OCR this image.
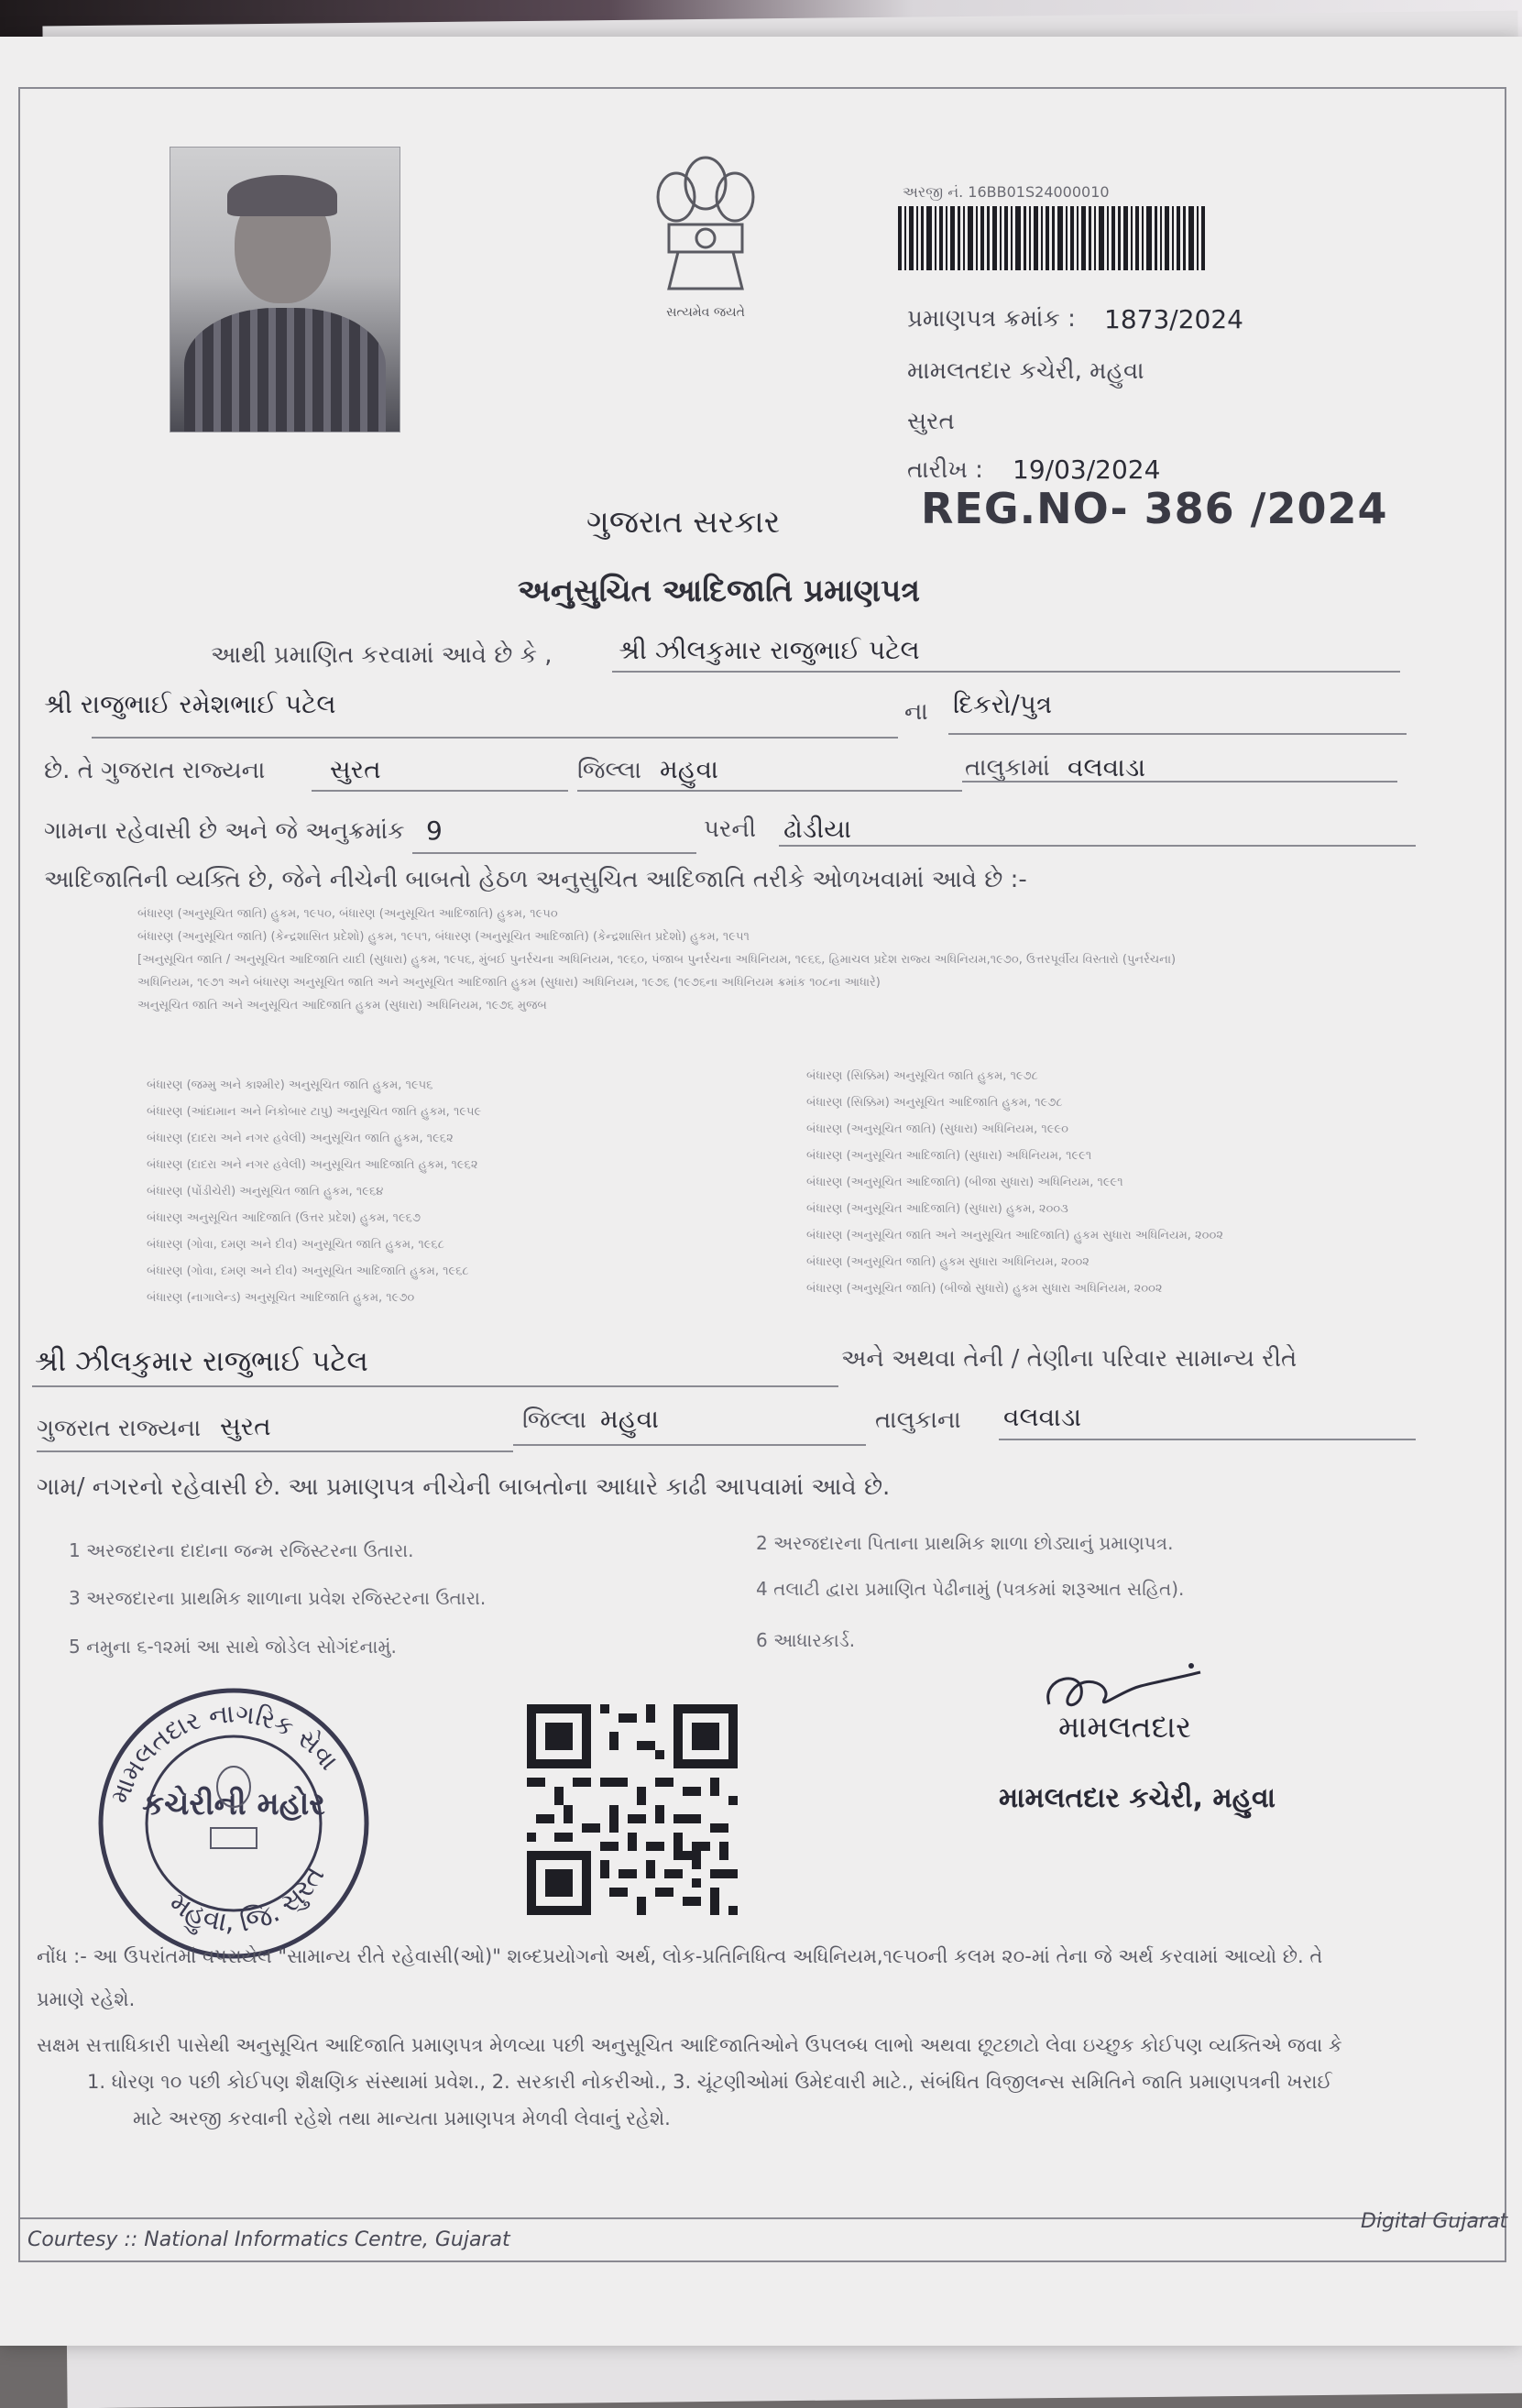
સત્યમેવ જયતે
અરજી નં. 16BB01S24000010
પ્રમાણપત્ર ક્રમાંક : 1873/2024
મામલતદાર કચેરી, મહુવા
સુરત
તારીખ : 19/03/2024
REG.NO- 386 /2024
ગુજરાત સરકાર
અનુસુચિત આદિજાતિ પ્રમાણપત્ર
આથી પ્રમાણિત કરવામાં આવે છે કે ,	શ્રી ઝીલકુમાર રાજુભાઈ પટેલ
શ્રી રાજુભાઈ રમેશભાઈ પટેલ	ના દિકરો/પુત્ર
છે. તે ગુજરાત રાજ્યના	સુરત	જિલ્લા મહુવા	તાલુકામાં વલવાડા
ગામના રહેવાસી છે અને જે અનુક્રમાંક 9	પરની ઢોડીયા
આદિજાતિની વ્યક્તિ છે, જેને નીચેની બાબતો હેઠળ અનુસુચિત આદિજાતિ તરીકે ઓળખવામાં આવે છે :-
બંધારણ (અનુસૂચિત જાતિ) હુકમ, ૧૯૫૦, બંધારણ (અનુસૂચિત આદિજાતિ) હુકમ, ૧૯૫૦
બંધારણ (અનુસૂચિત જાતિ) (કેન્દ્રશાસિત પ્રદેશો) હુકમ, ૧૯૫૧, બંધારણ (અનુસૂચિત આદિજાતિ) (કેન્દ્રશાસિત પ્રદેશો) હુકમ, ૧૯૫૧
[અનુસૂચિત જાતિ / અનુસૂચિત આદિજાતિ યાદી (સુધારા) હુકમ, ૧૯૫૬, મુંબઈ પુનર્રચના અધિનિયમ, ૧૯૬૦, પંજાબ પુનર્રચના અધિનિયમ, ૧૯૬૬, હિમાચલ પ્રદેશ રાજ્ય અધિનિયમ,૧૯૭૦, ઉત્તરપૂર્વીય વિસ્તારો (પુનર્રચના)
અધિનિયમ, ૧૯૭૧ અને બંધારણ અનુસૂચિત જાતિ અને અનુસૂચિત આદિજાતિ હુકમ (સુધારા) અધિનિયમ, ૧૯૭૬ (૧૯૭૬ના અધિનિયમ ક્રમાંક ૧૦૮ના આધારે)
અનુસૂચિત જાતિ અને અનુસૂચિત આદિજાતિ હુકમ (સુધારા) અધિનિયમ, ૧૯૭૬ મુજબ
બંધારણ (જમ્મુ અને કાશ્મીર) અનુસૂચિત જાતિ હુકમ, ૧૯૫૬
બંધારણ (આંદામાન અને નિકોબાર ટાપુ) અનુસૂચિત જાતિ હુકમ, ૧૯૫૯
બંધારણ (દાદરા અને નગર હવેલી) અનુસૂચિત જાતિ હુકમ, ૧૯૬૨
બંધારણ (દાદરા અને નગર હવેલી) અનુસૂચિત આદિજાતિ હુકમ, ૧૯૬૨
બંધારણ (પોંડીચેરી) અનુસૂચિત જાતિ હુકમ, ૧૯૬૪
બંધારણ અનુસૂચિત આદિજાતિ (ઉત્તર પ્રદેશ) હુકમ, ૧૯૬૭
બંધારણ (ગોવા, દમણ અને દીવ) અનુસૂચિત જાતિ હુકમ, ૧૯૬૮
બંધારણ (ગોવા, દમણ અને દીવ) અનુસૂચિત આદિજાતિ હુકમ, ૧૯૬૮
બંધારણ (નાગાલેન્ડ) અનુસૂચિત આદિજાતિ હુકમ, ૧૯૭૦
બંધારણ (સિક્કિમ) અનુસૂચિત જાતિ હુકમ, ૧૯૭૮
બંધારણ (સિક્કિમ) અનુસૂચિત આદિજાતિ હુકમ, ૧૯૭૮
બંધારણ (અનુસૂચિત જાતિ) (સુધારા) અધિનિયમ, ૧૯૯૦
બંધારણ (અનુસૂચિત આદિજાતિ) (સુધારા) અધિનિયમ, ૧૯૯૧
બંધારણ (અનુસૂચિત આદિજાતિ) (બીજા સુધારા) અધિનિયમ, ૧૯૯૧
બંધારણ (અનુસૂચિત આદિજાતિ) (સુધારા) હુકમ, ૨૦૦૩
બંધારણ (અનુસૂચિત જાતિ અને અનુસૂચિત આદિજાતિ) હુકમ સુધારા અધિનિયમ, ૨૦૦૨
બંધારણ (અનુસૂચિત જાતિ) હુકમ સુધારા અધિનિયમ, ૨૦૦૨
બંધારણ (અનુસૂચિત જાતિ) (બીજો સુધારો) હુકમ સુધારા અધિનિયમ, ૨૦૦૨
શ્રી ઝીલકુમાર રાજુભાઈ પટેલ	અને અથવા તેની / તેણીના પરિવાર સામાન્ય રીતે
ગુજરાત રાજ્યના સુરત	જિલ્લા મહુવા	તાલુકાના વલવાડા
ગામ/ નગરનો રહેવાસી છે. આ પ્રમાણપત્ર નીચેની બાબતોના આધારે કાઢી આપવામાં આવે છે.
1 અરજદારના દાદાના જન્મ રજિસ્ટરના ઉતારા.	2 અરજદારના પિતાના પ્રાથમિક શાળા છોડ્યાનું પ્રમાણપત્ર.
3 અરજદારના પ્રાથમિક શાળાના પ્રવેશ રજિસ્ટરના ઉતારા.	4 તલાટી દ્વારા પ્રમાણિત પેઢીનામું (પત્રકમાં શરૂઆત સહિત).
5 નમુના ૬-૧૨માં આ સાથે જોડેલ સોગંદનામું.	6 આધારકાર્ડ.
મામલતદાર નાગરિક સેવા
મહુવા, જિ. સુરત
કચેરીની મહોર
મામલતદાર
મામલતદાર કચેરી, મહુવા
નોંધ :- આ ઉપરાંતમાં વપરાયેલ "સામાન્ય રીતે રહેવાસી(ઓ)" શબ્દપ્રયોગનો અર્થ, લોક-પ્રતિનિધિત્વ અધિનિયમ,૧૯૫૦ની કલમ ૨૦-માં તેના જે અર્થ કરવામાં આવ્યો છે. તે
પ્રમાણે રહેશે.
સક્ષમ સત્તાધિકારી પાસેથી અનુસૂચિત આદિજાતિ પ્રમાણપત્ર મેળવ્યા પછી અનુસૂચિત આદિજાતિઓને ઉપલબ્ધ લાભો અથવા છૂટછાટો લેવા ઇચ્છુક કોઈપણ વ્યક્તિએ જવા કે
1. ધોરણ ૧૦ પછી કોઈપણ શૈક્ષણિક સંસ્થામાં પ્રવેશ., 2. સરકારી નોકરીઓ., 3. ચૂંટણીઓમાં ઉમેદવારી માટે., સંબંધિત વિજીલન્સ સમિતિને જાતિ પ્રમાણપત્રની ખરાઈ
માટે અરજી કરવાની રહેશે તથા માન્યતા પ્રમાણપત્ર મેળવી લેવાનું રહેશે.
Courtesy :: National Informatics Centre, Gujarat
Digital Gujarat
